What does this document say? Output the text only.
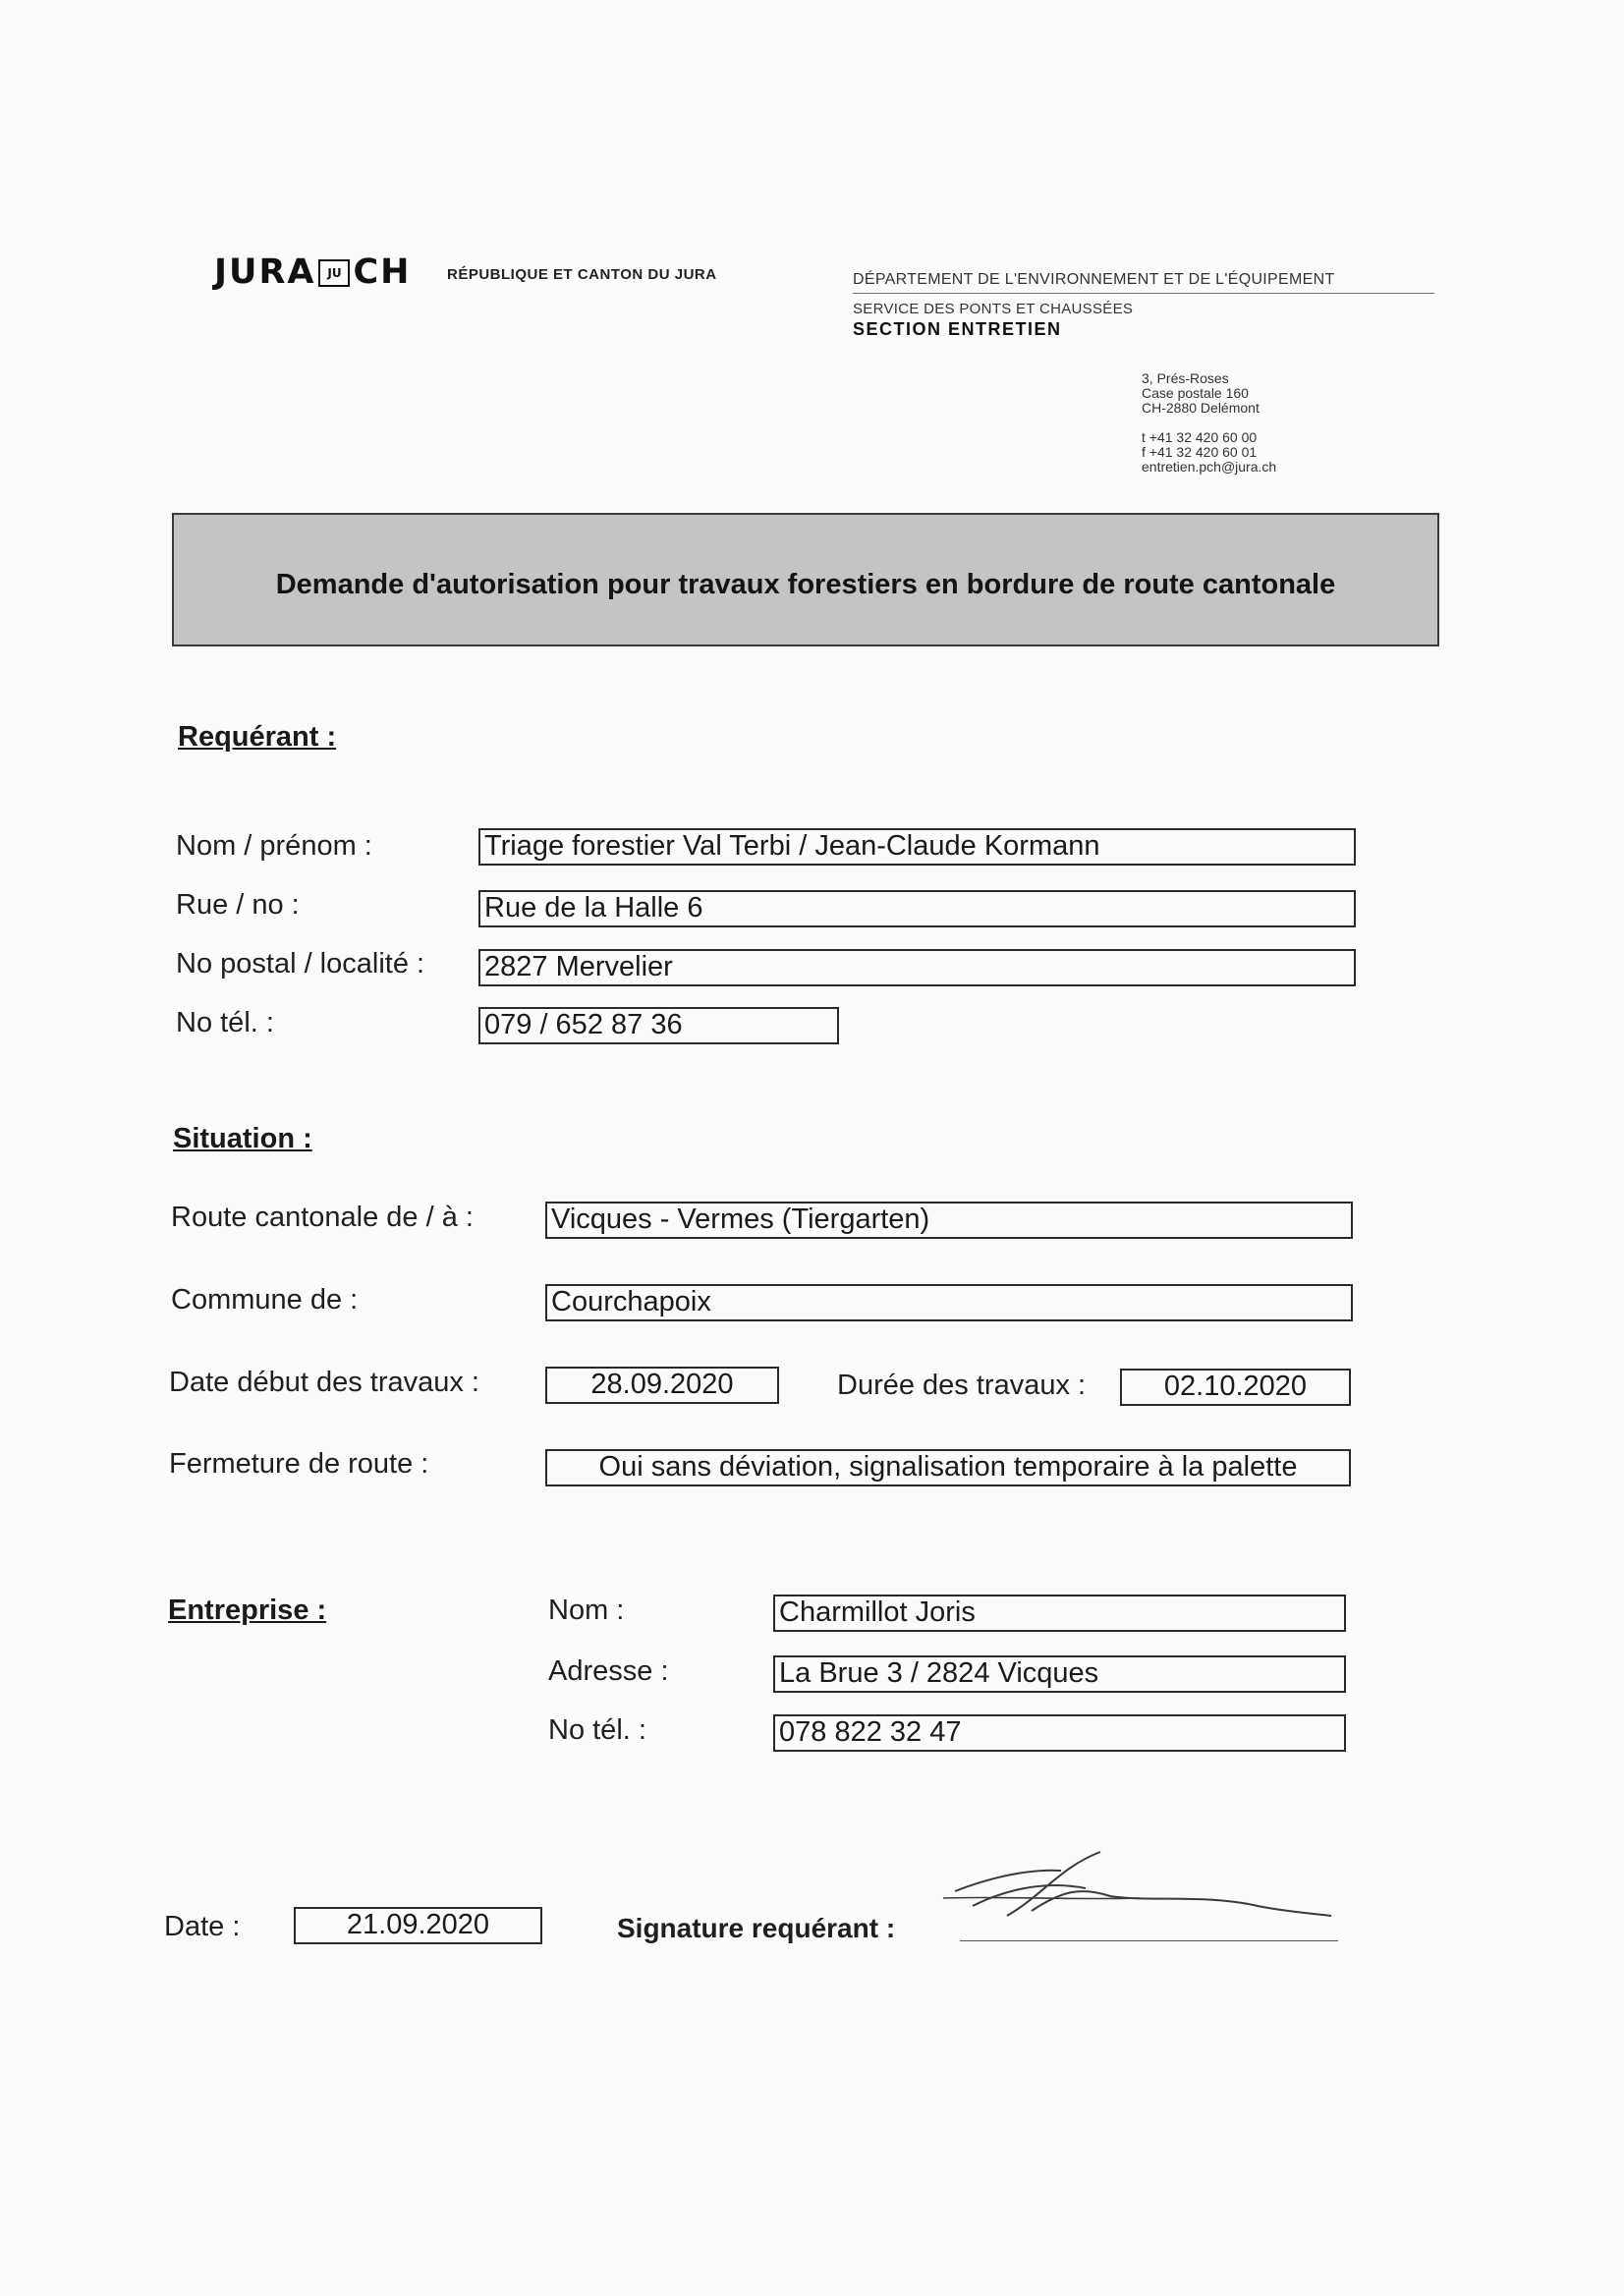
JURA JU CH RÉPUBLIQUE ET CANTON DU JURA	DÉPARTEMENT DE L'ENVIRONNEMENT ET DE L'ÉQUIPEMENT
SERVICE DES PONTS ET CHAUSSÉES
SECTION ENTRETIEN
3, Prés-Roses
Case postale 160
CH-2880 Delémont
t +41 32 420 60 00
f +41 32 420 60 01
entretien.pch@jura.ch
Demande d'autorisation pour travaux forestiers en bordure de route cantonale
Requérant :
Nom / prénom :	Triage forestier Val Terbi / Jean-Claude Kormann
Rue / no :	Rue de la Halle 6
No postal / localité : 2827 Mervelier
No tél. :	079 / 652 87 36
Situation :
Route cantonale de / à :	Vicques - Vermes (Tiergarten)
Commune de :	Courchapoix
Date début des travaux :	28.09.2020	Durée des travaux :	02.10.2020
Fermeture de route :	Oui sans déviation, signalisation temporaire à la palette
Entreprise :	Nom :	Charmillot Joris
Adresse :	La Brue 3 / 2824 Vicques
No tél. :	078 822 32 47
Date :	21.09.2020	Signature requérant :
